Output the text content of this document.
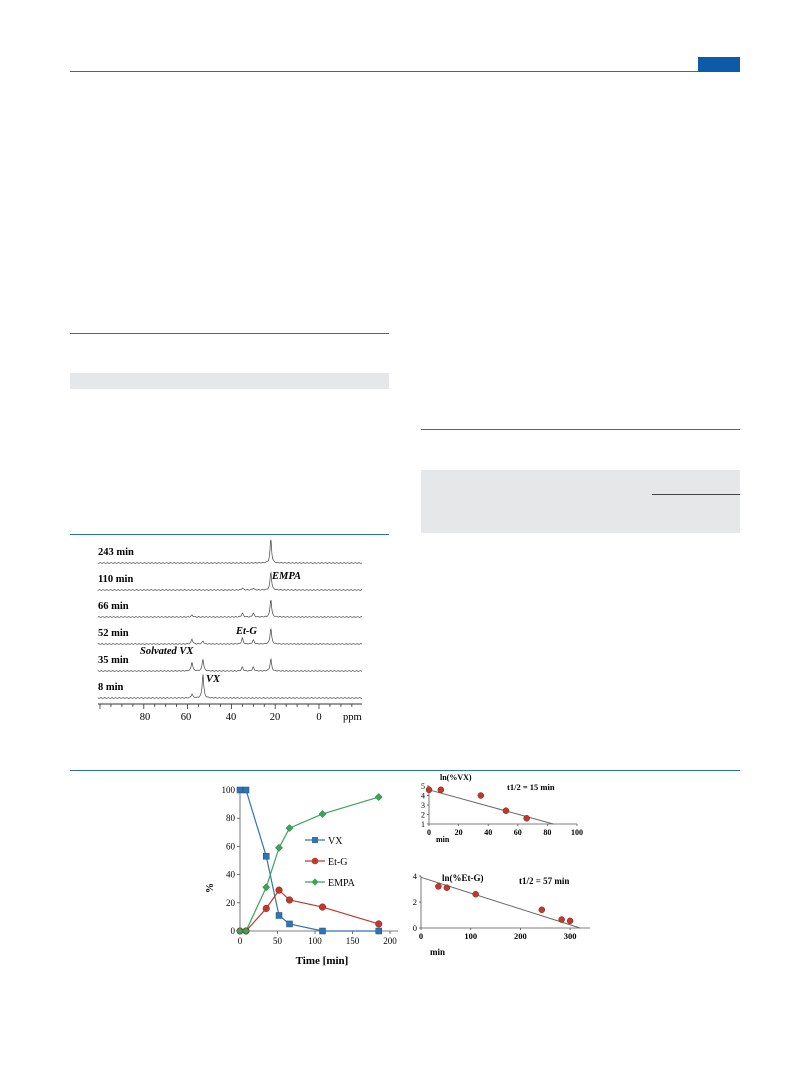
243 min
110 min
66 min
52 min
35 min
8 min
EMPA
Et-G
Solvated VX
VX
80	60	40	20	0 ppm
0
20
40
60
80
100
0	50	100	150	200
VX
Et-G
EMPA
%
Time [min]
1
2
3
4
5
0	20	40	60	80 100
ln(%VX)
t1/2 = 15 min
min
0
2
4
0	100	200	300
ln(%Et-G)	t1/2 = 57 min
min
